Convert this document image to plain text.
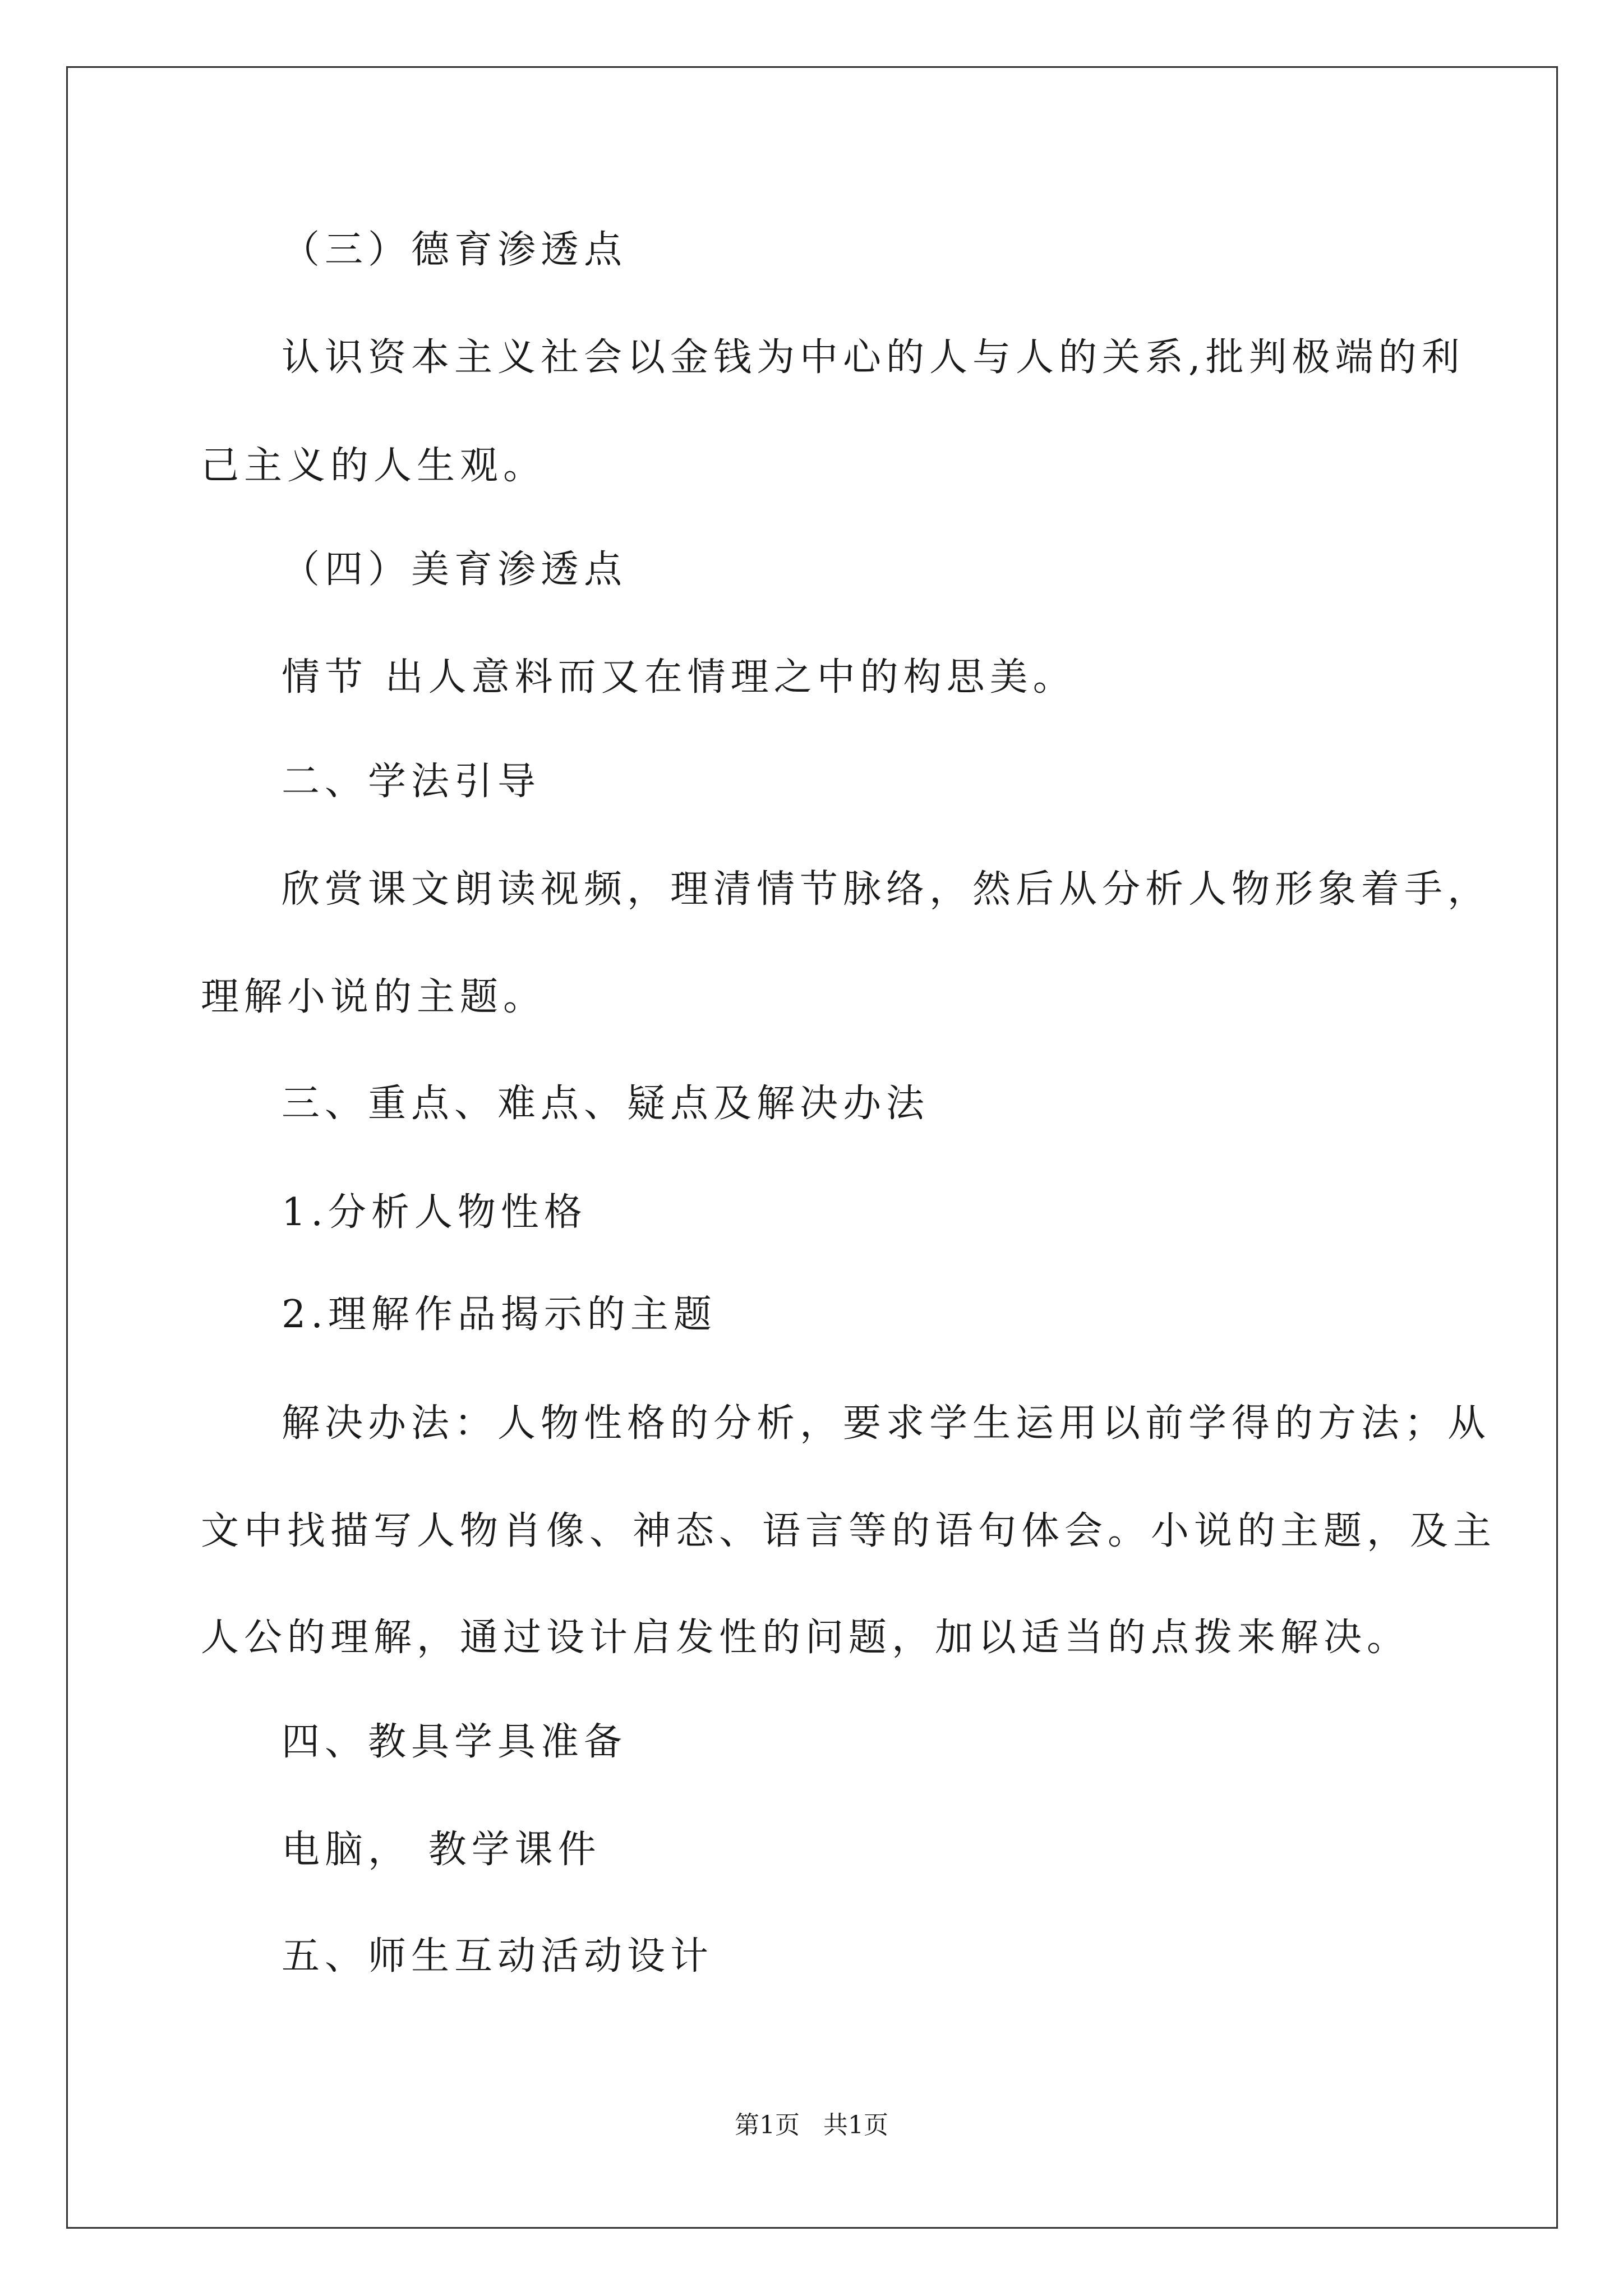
（三）德育渗透点
认识资本主义社会以金钱为中心的人与人的关系,批判极端的利
己主义的人生观。
（四）美育渗透点
情节 出人意料而又在情理之中的构思美。
二、学法引导
欣赏课文朗读视频，理清情节脉络，然后从分析人物形象着手，
理解小说的主题。
三、重点、难点、疑点及解决办法
1.分析人物性格
2.理解作品揭示的主题
解决办法：人物性格的分析，要求学生运用以前学得的方法；从
文中找描写人物肖像、神态、语言等的语句体会。小说的主题，及主
人公的理解，通过设计启发性的问题，加以适当的点拨来解决。
四、教具学具准备
电脑， 教学课件
五、师生互动活动设计
第1页   共1页
